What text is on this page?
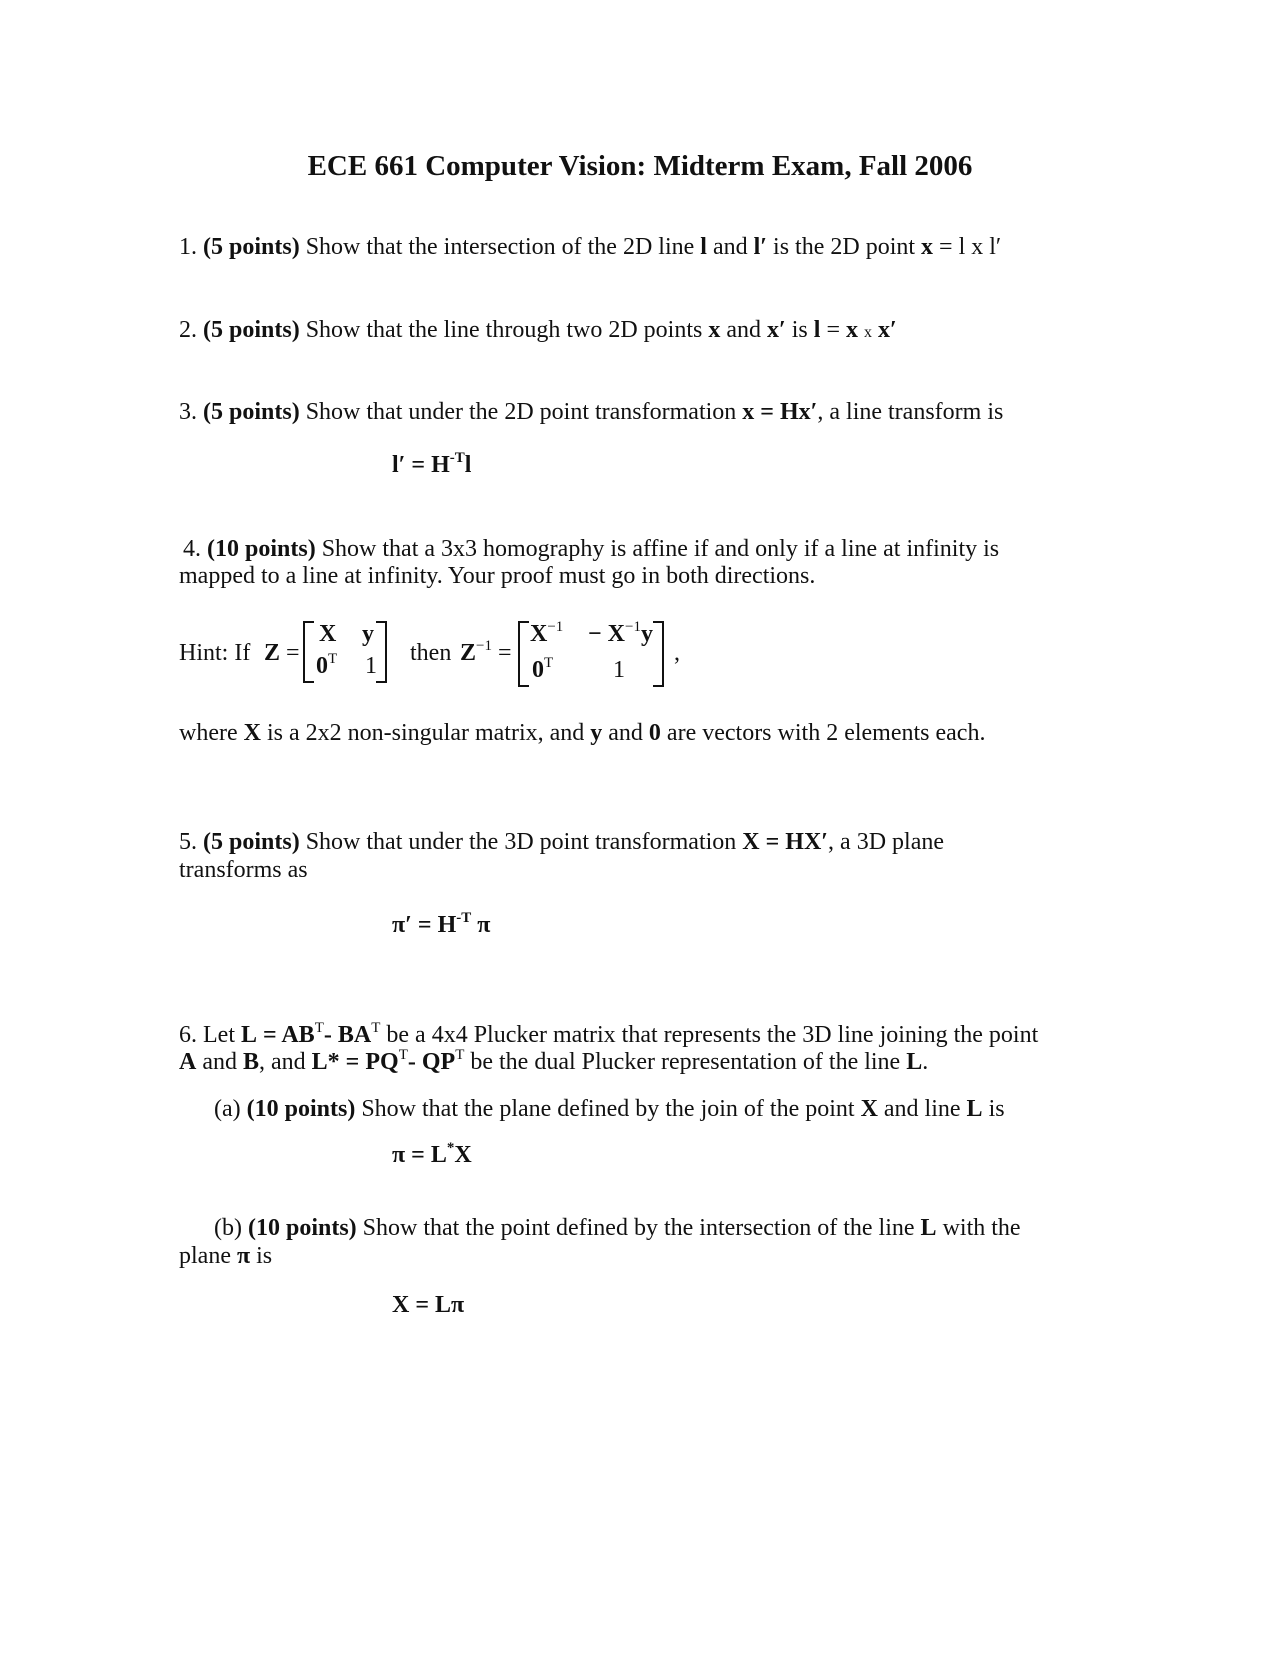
ECE 661 Computer Vision: Midterm Exam, Fall 2006
1. (5 points) Show that the intersection of the 2D line l and l′ is the 2D point x = l x l′
2. (5 points) Show that the line through two 2D points x and x′ is l = x x x′
3. (5 points) Show that under the 2D point transformation x = Hx′, a line transform is
$l' = H^{-T}l$
4. (10 points) Show that a 3x3 homography is affine if and only if a line at infinity is
mapped to a line at infinity. Your proof must go in both directions.
Hint: If Z =
X y
$0^T$ 1 then $Z^{-1}$ =
$X^{-1} - X^{-1}y$
$0^T$ 1
,
where X is a 2x2 non-singular matrix, and y and 0 are vectors with 2 elements each.
5. (5 points) Show that under the 3D point transformation X = HX′, a 3D plane
transforms as
$\pi' = H^{-T}$ π
6. Let $L = AB^T-$ $BA^T$ be a 4x4 Plucker matrix that represents the 3D line joining the point
A and B, and $L* = PQ^T-$ $QP^T$ be the dual Plucker representation of the line L.
(a) (10 points) Show that the plane defined by the join of the point X and line L is
π = L*X
(b) (10 points) Show that the point defined by the intersection of the line L with the
plane π is
X = Lπ
